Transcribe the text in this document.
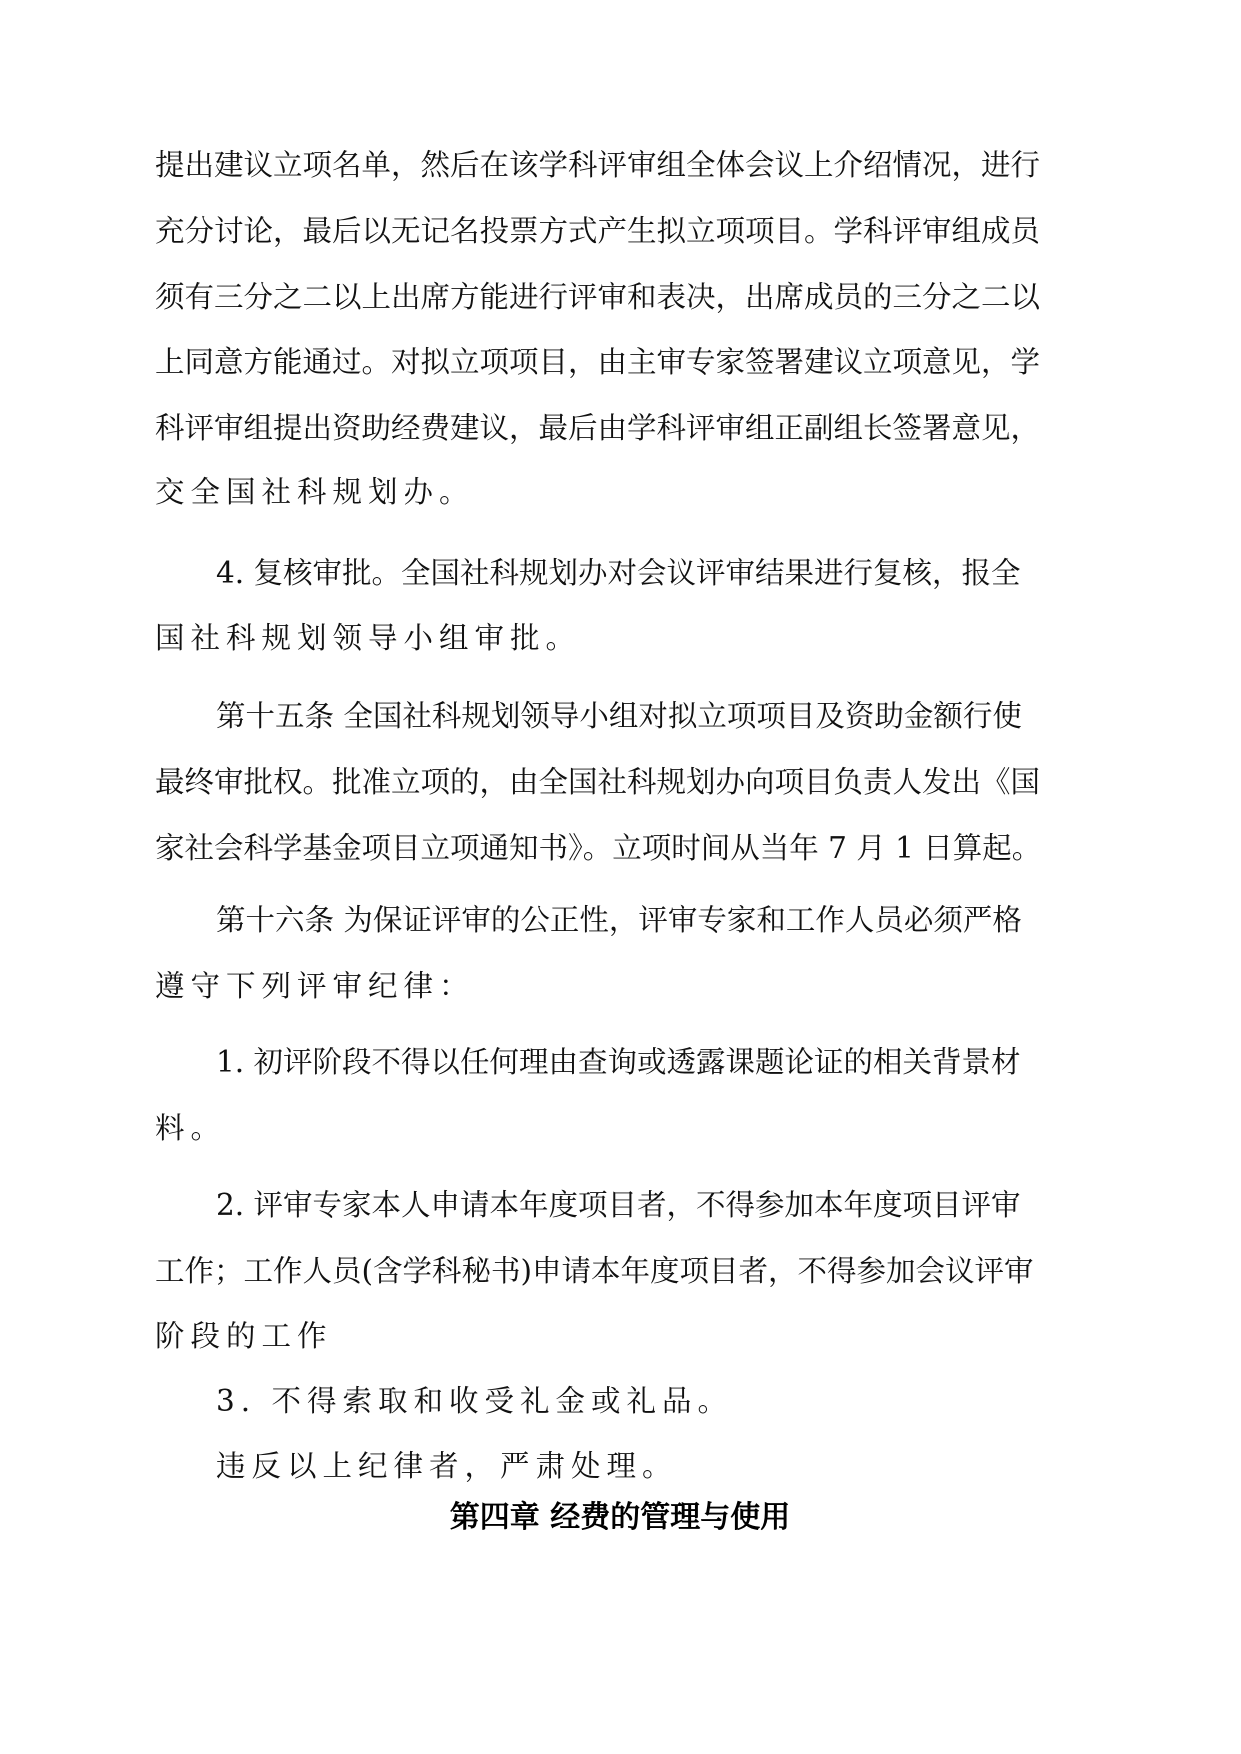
提出建议立项名单，然后在该学科评审组全体会议上介绍情况，进行

充分讨论，最后以无记名投票方式产生拟立项项目。学科评审组成员

须有三分之二以上出席方能进行评审和表决，出席成员的三分之二以

上同意方能通过。对拟立项项目，由主审专家签署建议立项意见，学

科评审组提出资助经费建议，最后由学科评审组正副组长签署意见，

交全国社科规划办。

4. 复核审批。全国社科规划办对会议评审结果进行复核，报全

国社科规划领导小组审批。

第十五条 全国社科规划领导小组对拟立项项目及资助金额行使

最终审批权。批准立项的，由全国社科规划办向项目负责人发出《国

家社会科学基金项目立项通知书》。立项时间从当年 7 月 1 日算起。

第十六条 为保证评审的公正性，评审专家和工作人员必须严格

遵守下列评审纪律：

1. 初评阶段不得以任何理由查询或透露课题论证的相关背景材

料。

2. 评审专家本人申请本年度项目者，不得参加本年度项目评审

工作；工作人员(含学科秘书)申请本年度项目者，不得参加会议评审

阶段的工作

3. 不得索取和收受礼金或礼品。

违反以上纪律者，严肃处理。

第四章 经费的管理与使用
